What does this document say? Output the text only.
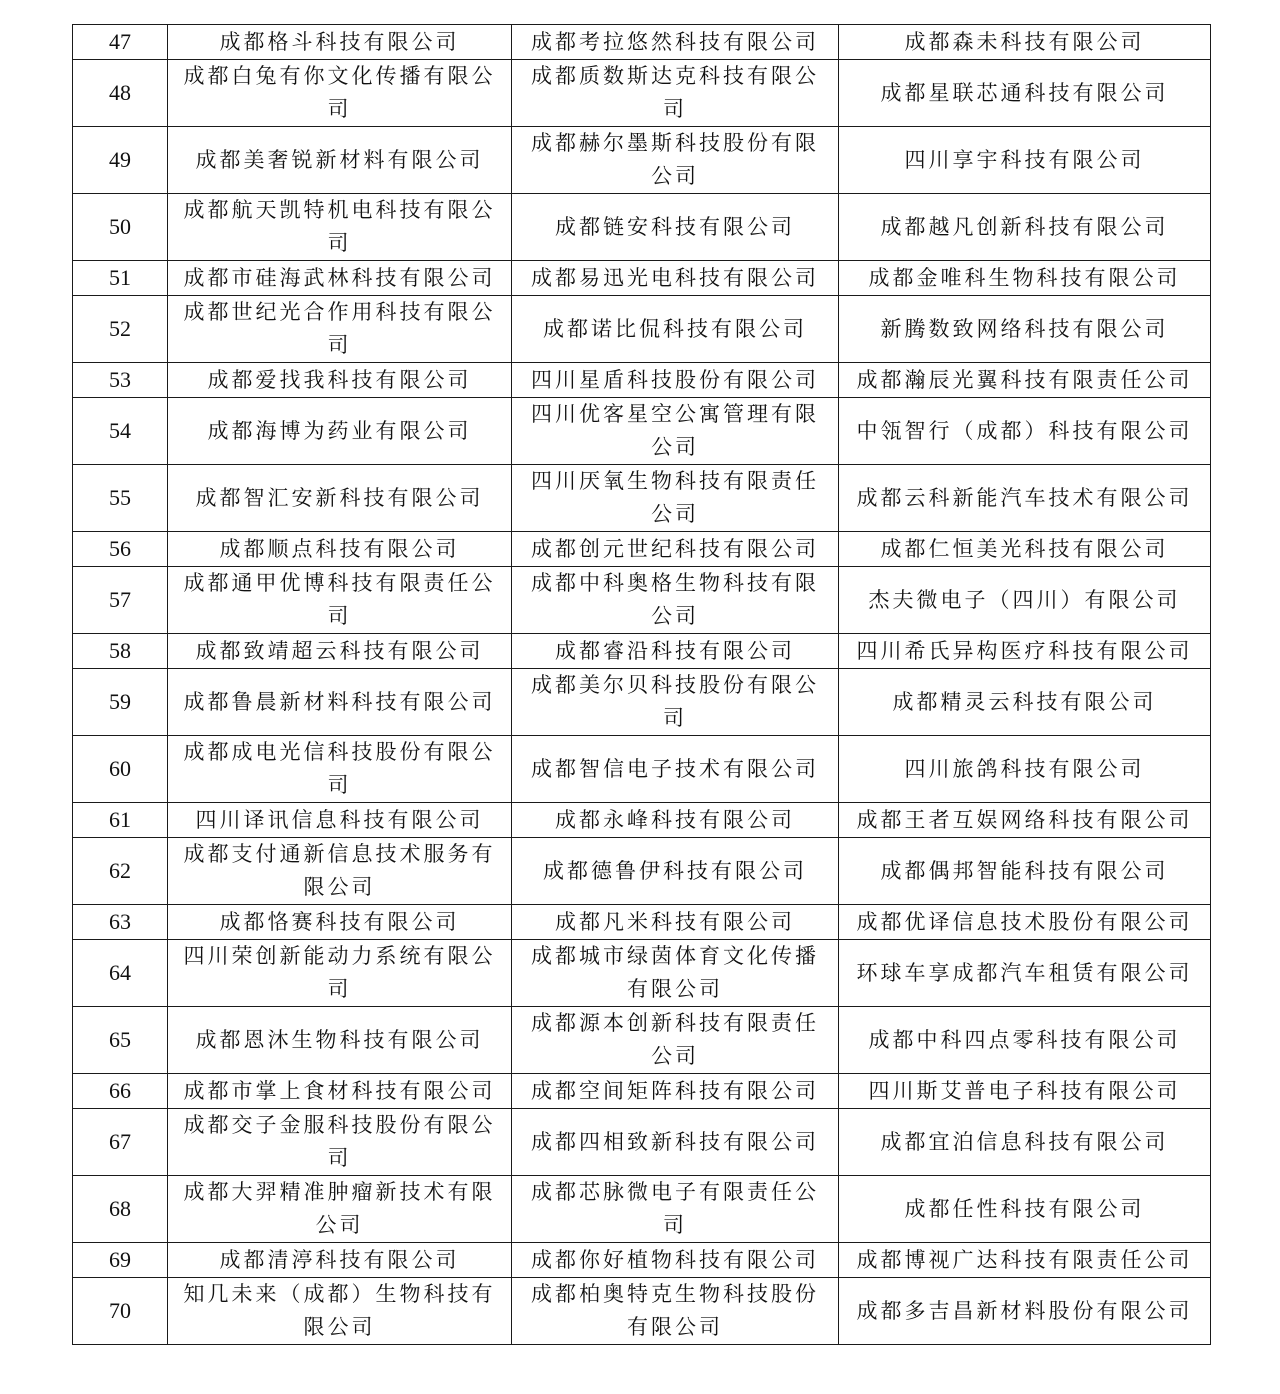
47	成都格斗科技有限公司	成都考拉悠然科技有限公司	成都森未科技有限公司
48	成都白兔有你文化传播有限公司	成都质数斯达克科技有限公司	成都星联芯通科技有限公司
49	成都美奢锐新材料有限公司	成都赫尔墨斯科技股份有限公司	四川享宇科技有限公司
50	成都航天凯特机电科技有限公司	成都链安科技有限公司	成都越凡创新科技有限公司
51	成都市硅海武林科技有限公司	成都易迅光电科技有限公司	成都金唯科生物科技有限公司
52	成都世纪光合作用科技有限公司	成都诺比侃科技有限公司	新腾数致网络科技有限公司
53	成都爱找我科技有限公司	四川星盾科技股份有限公司	成都瀚辰光翼科技有限责任公司
54	成都海博为药业有限公司	四川优客星空公寓管理有限公司	中瓴智行（成都）科技有限公司
55	成都智汇安新科技有限公司	四川厌氧生物科技有限责任公司	成都云科新能汽车技术有限公司
56	成都顺点科技有限公司	成都创元世纪科技有限公司	成都仁恒美光科技有限公司
57	成都通甲优博科技有限责任公司	成都中科奥格生物科技有限公司	杰夫微电子（四川）有限公司
58	成都致靖超云科技有限公司	成都睿沿科技有限公司	四川希氏异构医疗科技有限公司
59	成都鲁晨新材料科技有限公司	成都美尔贝科技股份有限公司	成都精灵云科技有限公司
60	成都成电光信科技股份有限公司	成都智信电子技术有限公司	四川旅鸽科技有限公司
61	四川译讯信息科技有限公司	成都永峰科技有限公司	成都王者互娱网络科技有限公司
62	成都支付通新信息技术服务有限公司	成都德鲁伊科技有限公司	成都偶邦智能科技有限公司
63	成都恪赛科技有限公司	成都凡米科技有限公司	成都优译信息技术股份有限公司
64	四川荣创新能动力系统有限公司	成都城市绿茵体育文化传播有限公司	环球车享成都汽车租赁有限公司
65	成都恩沐生物科技有限公司	成都源本创新科技有限责任公司	成都中科四点零科技有限公司
66	成都市掌上食材科技有限公司	成都空间矩阵科技有限公司	四川斯艾普电子科技有限公司
67	成都交子金服科技股份有限公司	成都四相致新科技有限公司	成都宜泊信息科技有限公司
68	成都大羿精准肿瘤新技术有限公司	成都芯脉微电子有限责任公司	成都任性科技有限公司
69	成都清渟科技有限公司	成都你好植物科技有限公司	成都博视广达科技有限责任公司
70	知几未来（成都）生物科技有限公司	成都柏奥特克生物科技股份有限公司	成都多吉昌新材料股份有限公司
